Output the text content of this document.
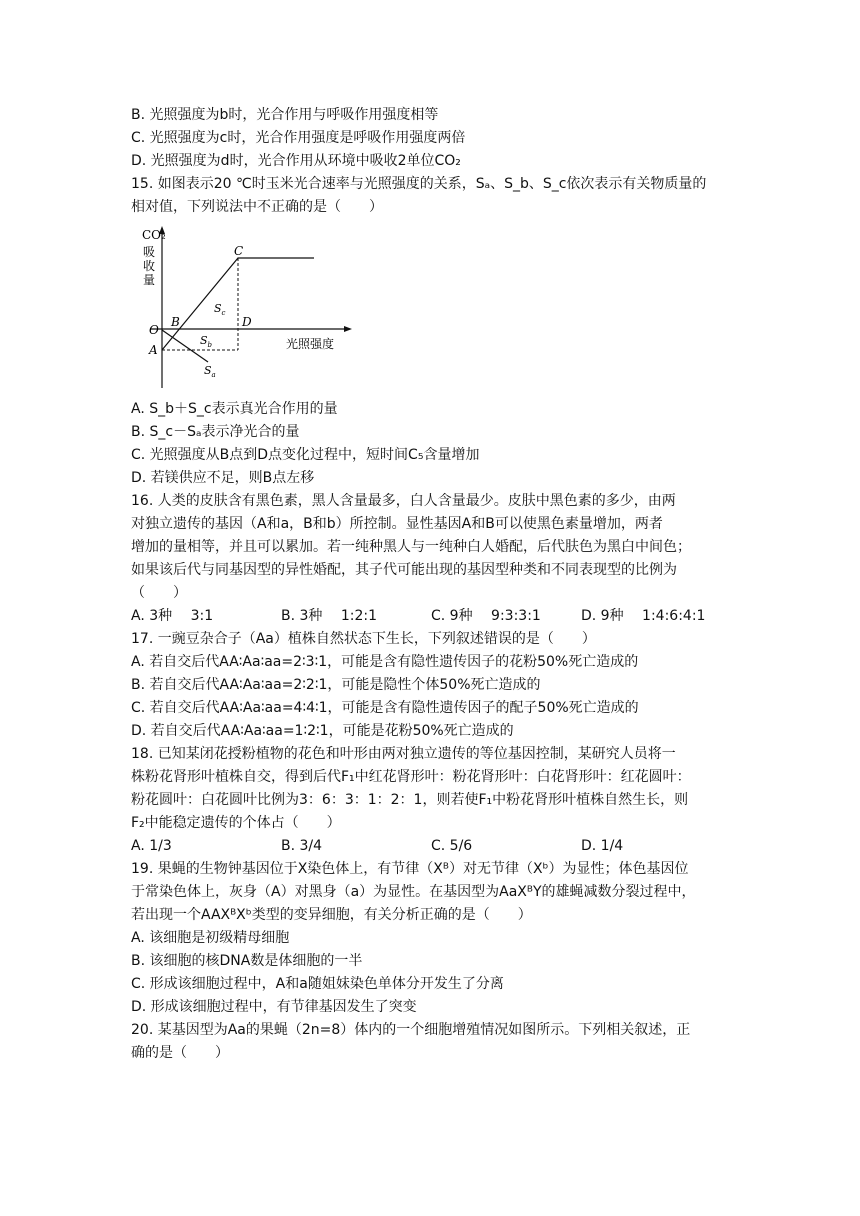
B. 光照强度为b时，光合作用与呼吸作用强度相等
C. 光照强度为c时，光合作用强度是呼吸作用强度两倍
D. 光照强度为d时，光合作用从环境中吸收2单位CO₂
15. 如图表示20 ℃时玉米光合速率与光照强度的关系，Sₐ、S_b、S_c依次表示有关物质量的
相对值，下列说法中不正确的是（　　）
CO₂
吸
收
量
O
A
B
C
D
$S_c$
$S_b$
$S_a$
光照强度
A. S_b＋S_c表示真光合作用的量
B. S_c－Sₐ表示净光合的量
C. 光照强度从B点到D点变化过程中，短时间C₅含量增加
D. 若镁供应不足，则B点左移
16. 人类的皮肤含有黑色素，黑人含量最多，白人含量最少。皮肤中黑色素的多少，由两
对独立遗传的基因（A和a，B和b）所控制。显性基因A和B可以使黑色素量增加，两者
增加的量相等，并且可以累加。若一纯种黑人与一纯种白人婚配，后代肤色为黑白中间色；
如果该后代与同基因型的异性婚配，其子代可能出现的基因型种类和不同表现型的比例为
（　　）
A. 3种　 3:1	B. 3种　 1:2:1	C. 9种　 9:3:3:1	D. 9种　 1:4:6:4:1
17. 一豌豆杂合子（Aa）植株自然状态下生长，下列叙述错误的是（　　）
A. 若自交后代AA∶Aa∶aa=2∶3∶1，可能是含有隐性遗传因子的花粉50%死亡造成的
B. 若自交后代AA∶Aa∶aa=2∶2∶1，可能是隐性个体50%死亡造成的
C. 若自交后代AA∶Aa∶aa=4∶4∶1，可能是含有隐性遗传因子的配子50%死亡造成的
D. 若自交后代AA∶Aa∶aa=1∶2∶1，可能是花粉50%死亡造成的
18. 已知某闭花授粉植物的花色和叶形由两对独立遗传的等位基因控制，某研究人员将一
株粉花肾形叶植株自交，得到后代F₁中红花肾形叶：粉花肾形叶：白花肾形叶：红花圆叶：
粉花圆叶：白花圆叶比例为3：6：3：1：2：1，则若使F₁中粉花肾形叶植株自然生长，则
F₂中能稳定遗传的个体占（　　）
A. 1/3	B. 3/4	C. 5/6	D. 1/4
19. 果蝇的生物钟基因位于X染色体上，有节律（Xᴮ）对无节律（Xᵇ）为显性；体色基因位
于常染色体上，灰身（A）对黑身（a）为显性。在基因型为AaXᴮY的雄蝇减数分裂过程中，
若出现一个AAXᴮXᵇ类型的变异细胞，有关分析正确的是（　　）
A. 该细胞是初级精母细胞
B. 该细胞的核DNA数是体细胞的一半
C. 形成该细胞过程中，A和a随姐妹染色单体分开发生了分离
D. 形成该细胞过程中，有节律基因发生了突变
20. 某基因型为Aa的果蝇（2n=8）体内的一个细胞增殖情况如图所示。下列相关叙述，正
确的是（　　）
